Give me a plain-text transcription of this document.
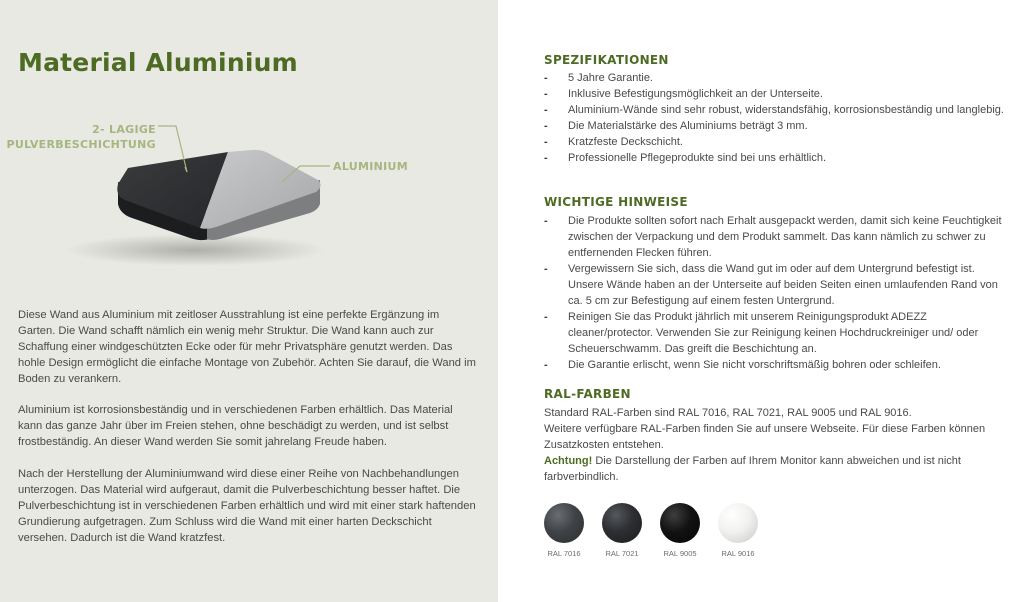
Material Aluminium
2- LAGIGE
PULVERBESCHICHTUNG
ALUMINIUM

Diese Wand aus Aluminium mit zeitloser Ausstrahlung ist eine perfekte Ergänzung im Garten. Die Wand schafft nämlich ein wenig mehr Struktur. Die Wand kann auch zur Schaffung einer windgeschützten Ecke oder für mehr Privatsphäre genutzt werden. Das hohle Design ermöglicht die einfache Montage von Zubehör. Achten Sie darauf, die Wand im Boden zu verankern.

Aluminium ist korrosionsbeständig und in verschiedenen Farben erhältlich. Das Material kann das ganze Jahr über im Freien stehen, ohne beschädigt zu werden, und ist selbst frostbeständig. An dieser Wand werden Sie somit jahrelang Freude haben.

Nach der Herstellung der Aluminiumwand wird diese einer Reihe von Nachbehandlungen unterzogen. Das Material wird aufgeraut, damit die Pulverbeschichtung besser haftet. Die Pulverbeschichtung ist in verschiedenen Farben erhältlich und wird mit einer stark haftenden Grundierung aufgetragen. Zum Schluss wird die Wand mit einer harten Deckschicht versehen. Dadurch ist die Wand kratzfest.

SPEZIFIKATIONEN
- 5 Jahre Garantie.
- Inklusive Befestigungsmöglichkeit an der Unterseite.
- Aluminium-Wände sind sehr robust, widerstandsfähig, korrosionsbeständig und langlebig.
- Die Materialstärke des Aluminiums beträgt 3 mm.
- Kratzfeste Deckschicht.
- Professionelle Pflegeprodukte sind bei uns erhältlich.
WICHTIGE HINWEISE
- Die Produkte sollten sofort nach Erhalt ausgepackt werden, damit sich keine Feuchtigkeit zwischen der Verpackung und dem Produkt sammelt. Das kann nämlich zu schwer zu entfernenden Flecken führen.
- Vergewissern Sie sich, dass die Wand gut im oder auf dem Untergrund befestigt ist. Unsere Wände haben an der Unterseite auf beiden Seiten einen umlaufenden Rand von ca. 5 cm zur Befestigung auf einem festen Untergrund.
- Reinigen Sie das Produkt jährlich mit unserem Reinigungsprodukt ADEZZ cleaner/protector. Verwenden Sie zur Reinigung keinen Hochdruckreiniger und/ oder Scheuerschwamm. Das greift die Beschichtung an.
- Die Garantie erlischt, wenn Sie nicht vorschriftsmäßig bohren oder schleifen.
RAL-FARBEN
Standard RAL-Farben sind RAL 7016, RAL 7021, RAL 9005 und RAL 9016.
Weitere verfügbare RAL-Farben finden Sie auf unsere Webseite. Für diese Farben können Zusatzkosten entstehen.
Achtung! Die Darstellung der Farben auf Ihrem Monitor kann abweichen und ist nicht farbverbindlich.
RAL 7016	RAL 7021	RAL 9005	RAL 9016
